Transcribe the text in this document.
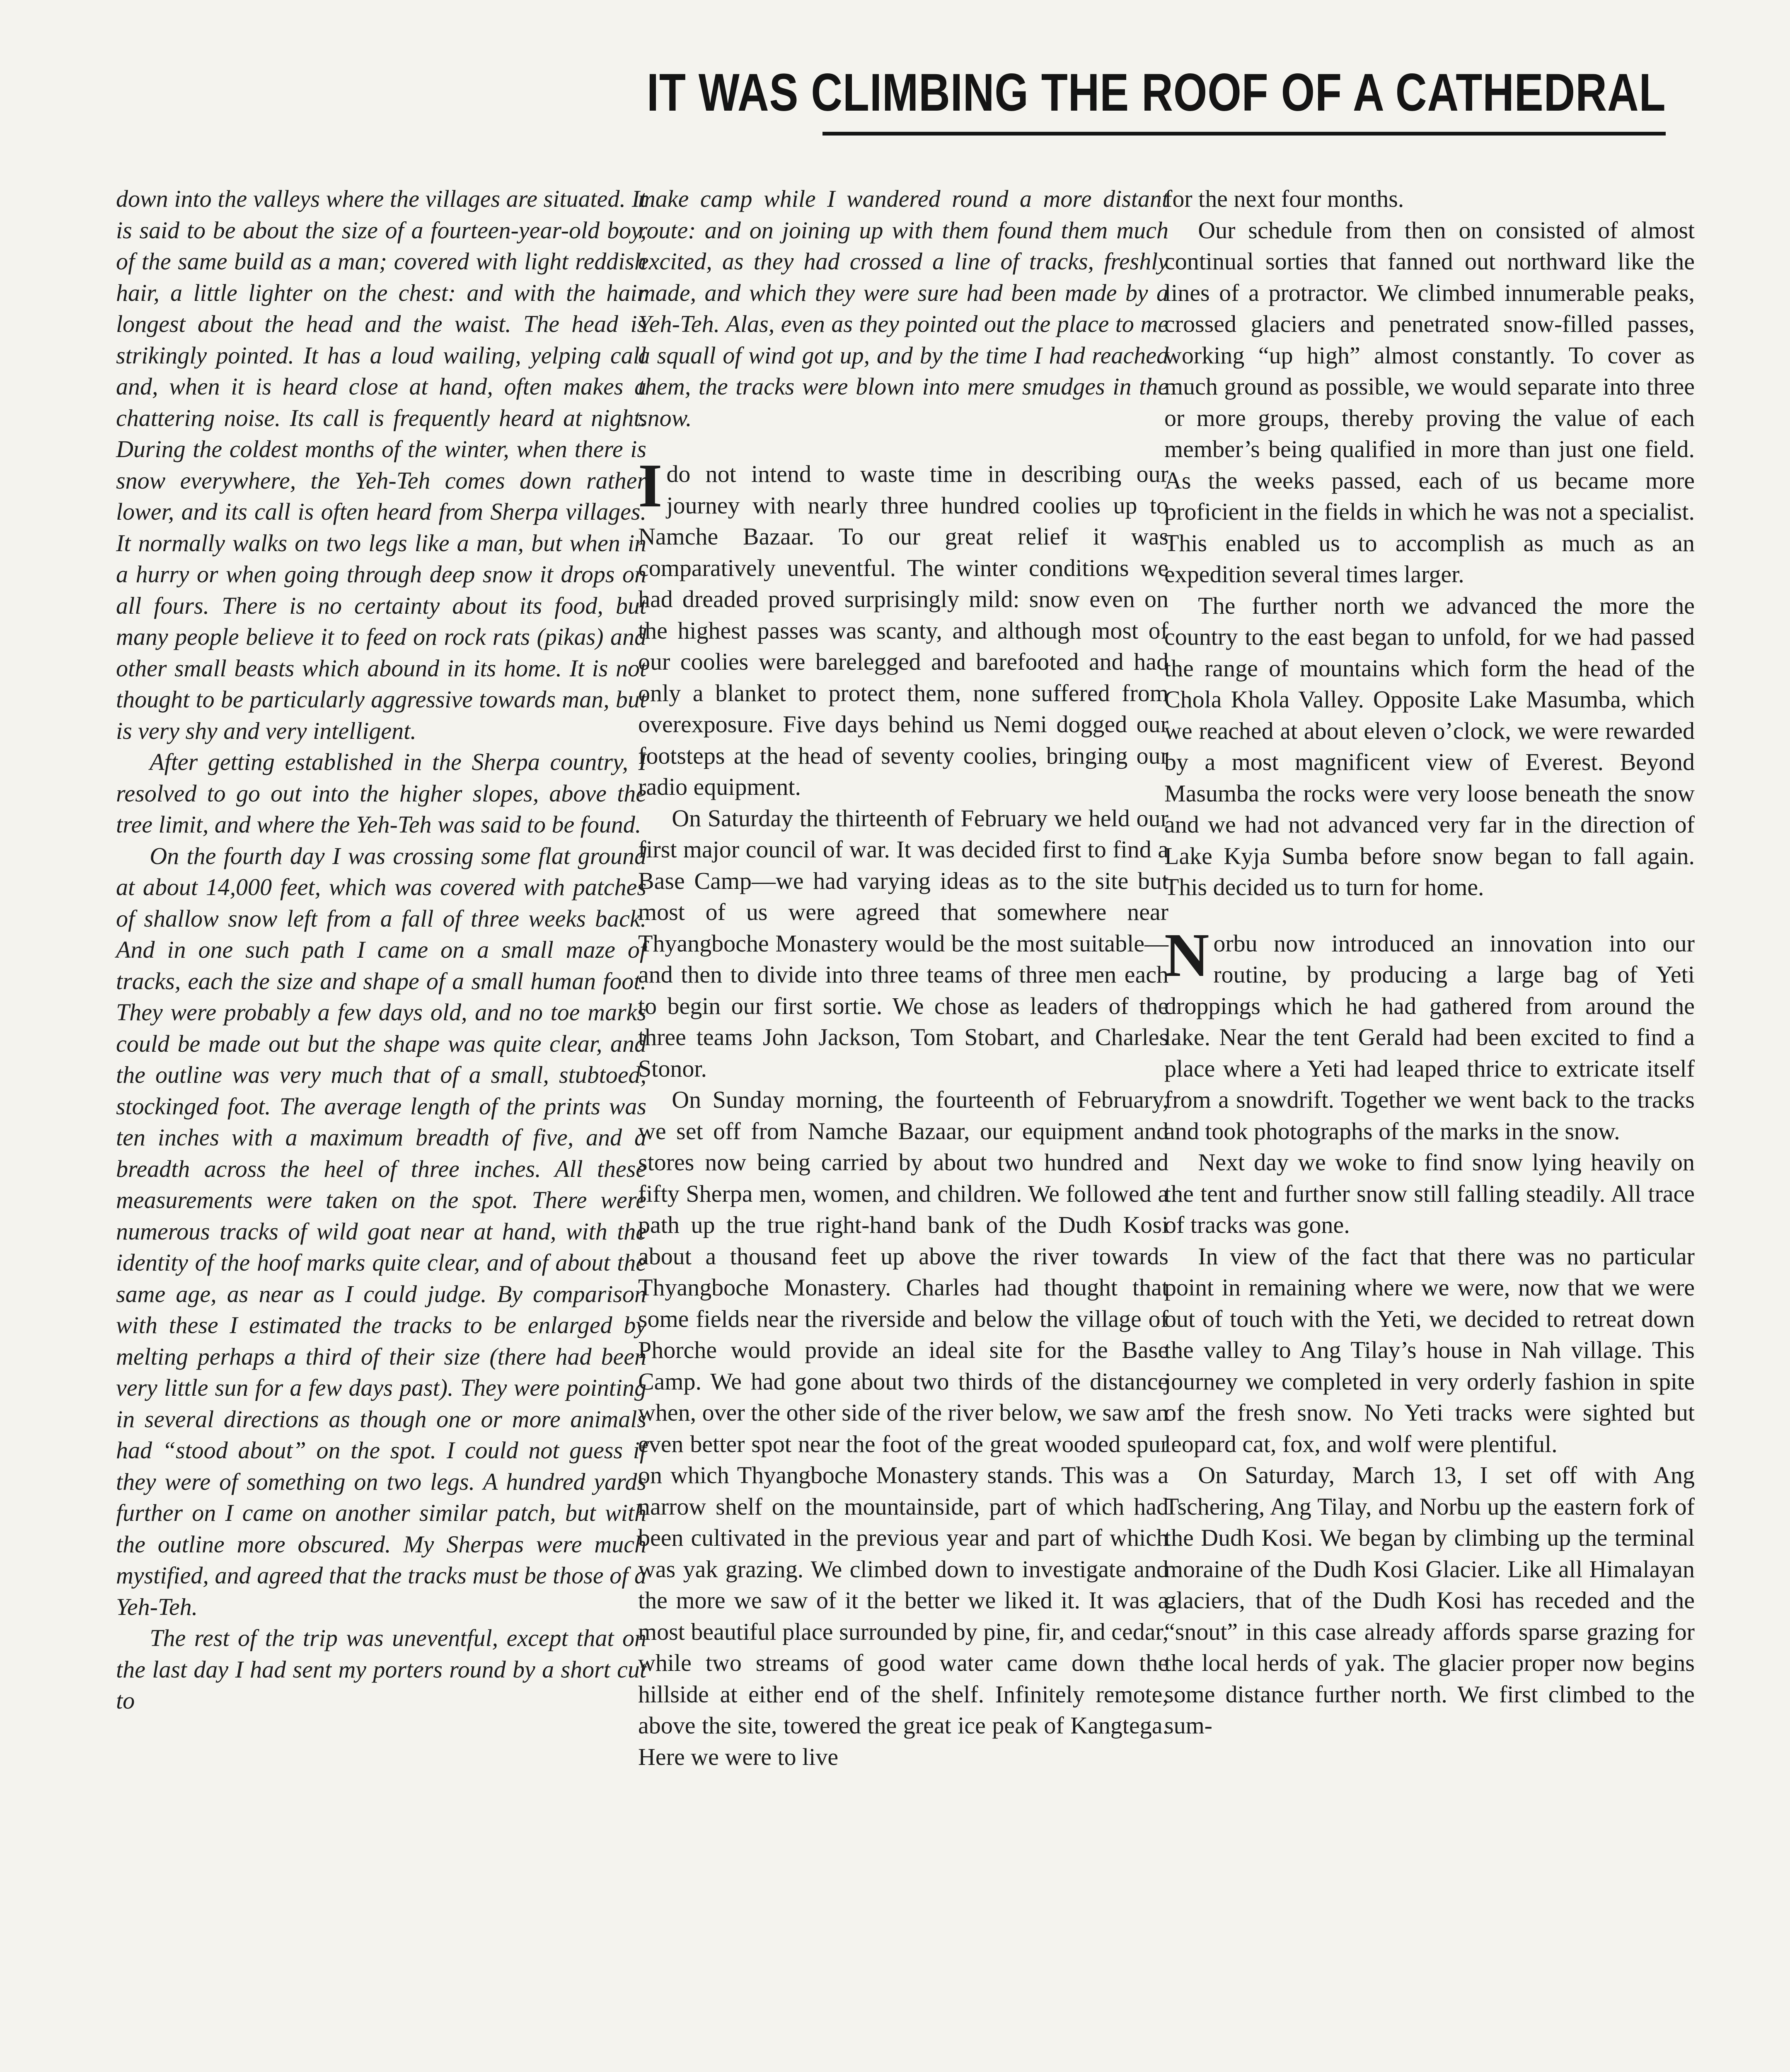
IT WAS CLIMBING THE ROOF OF A CATHEDRAL

down into the valleys where the villages are situated. It is said to be about the size of a fourteen-year-old boy, of the same build as a man; covered with light reddish hair, a little lighter on the chest: and with the hair longest about the head and the waist. The head is strikingly pointed. It has a loud wailing, yelping call and, when it is heard close at hand, often makes a chattering noise. Its call is frequently heard at night. During the coldest months of the winter, when there is snow everywhere, the Yeh-Teh comes down rather lower, and its call is often heard from Sherpa villages. It normally walks on two legs like a man, but when in a hurry or when going through deep snow it drops on all fours. There is no certainty about its food, but many people believe it to feed on rock rats (pikas) and other small beasts which abound in its home. It is not thought to be particularly aggressive towards man, but is very shy and very intelligent.

After getting established in the Sherpa country, I resolved to go out into the higher slopes, above the tree limit, and where the Yeh-Teh was said to be found.

On the fourth day I was crossing some flat ground at about 14,000 feet, which was covered with patches of shallow snow left from a fall of three weeks back. And in one such path I came on a small maze of tracks, each the size and shape of a small human foot. They were probably a few days old, and no toe marks could be made out but the shape was quite clear, and the outline was very much that of a small, stubtoed, stockinged foot. The average length of the prints was ten inches with a maximum breadth of five, and a breadth across the heel of three inches. All these measurements were taken on the spot. There were numerous tracks of wild goat near at hand, with the identity of the hoof marks quite clear, and of about the same age, as near as I could judge. By comparison with these I estimated the tracks to be enlarged by melting perhaps a third of their size (there had been very little sun for a few days past). They were pointing in several directions as though one or more animals had “stood about” on the spot. I could not guess if they were of something on two legs. A hundred yards further on I came on another similar patch, but with the outline more obscured. My Sherpas were much mystified, and agreed that the tracks must be those of a Yeh-Teh.

The rest of the trip was uneventful, except that on the last day I had sent my porters round by a short cut to

make camp while I wandered round a more distant route: and on joining up with them found them much excited, as they had crossed a line of tracks, freshly made, and which they were sure had been made by a Yeh-Teh. Alas, even as they pointed out the place to me a squall of wind got up, and by the time I had reached them, the tracks were blown into mere smudges in the snow.

I do not intend to waste time in describing our journey with nearly three hundred coolies up to Namche Bazaar. To our great relief it was comparatively uneventful. The winter conditions we had dreaded proved surprisingly mild: snow even on the highest passes was scanty, and although most of our coolies were barelegged and barefooted and had only a blanket to protect them, none suffered from overexposure. Five days behind us Nemi dogged our footsteps at the head of seventy coolies, bringing our radio equipment.

On Saturday the thirteenth of February we held our first major council of war. It was decided first to find a Base Camp—we had varying ideas as to the site but most of us were agreed that somewhere near Thyangboche Monastery would be the most suitable—and then to divide into three teams of three men each to begin our first sortie. We chose as leaders of the three teams John Jackson, Tom Stobart, and Charles Stonor.

On Sunday morning, the fourteenth of February, we set off from Namche Bazaar, our equipment and stores now being carried by about two hundred and fifty Sherpa men, women, and children. We followed a path up the true right-hand bank of the Dudh Kosi about a thousand feet up above the river towards Thyangboche Monastery. Charles had thought that some fields near the riverside and below the village of Phorche would provide an ideal site for the Base Camp. We had gone about two thirds of the distance when, over the other side of the river below, we saw an even better spot near the foot of the great wooded spur on which Thyangboche Monastery stands. This was a narrow shelf on the mountainside, part of which had been cultivated in the previous year and part of which was yak grazing. We climbed down to investigate and the more we saw of it the better we liked it. It was a most beautiful place surrounded by pine, fir, and cedar, while two streams of good water came down the hillside at either end of the shelf. Infinitely remote, above the site, towered the great ice peak of Kangtega. Here we were to live

for the next four months.

Our schedule from then on consisted of almost continual sorties that fanned out northward like the lines of a protractor. We climbed innumerable peaks, crossed glaciers and penetrated snow-filled passes, working “up high” almost constantly. To cover as much ground as possible, we would separate into three or more groups, thereby proving the value of each member’s being qualified in more than just one field. As the weeks passed, each of us became more proficient in the fields in which he was not a specialist. This enabled us to accomplish as much as an expedition several times larger.

The further north we advanced the more the country to the east began to unfold, for we had passed the range of mountains which form the head of the Chola Khola Valley. Opposite Lake Masumba, which we reached at about eleven o’clock, we were rewarded by a most magnificent view of Everest. Beyond Masumba the rocks were very loose beneath the snow and we had not advanced very far in the direction of Lake Kyja Sumba before snow began to fall again. This decided us to turn for home.

Norbu now introduced an innovation into our routine, by producing a large bag of Yeti droppings which he had gathered from around the lake. Near the tent Gerald had been excited to find a place where a Yeti had leaped thrice to extricate itself from a snowdrift. Together we went back to the tracks and took photographs of the marks in the snow.

Next day we woke to find snow lying heavily on the tent and further snow still falling steadily. All trace of tracks was gone.

In view of the fact that there was no particular point in remaining where we were, now that we were out of touch with the Yeti, we decided to retreat down the valley to Ang Tilay’s house in Nah village. This journey we completed in very orderly fashion in spite of the fresh snow. No Yeti tracks were sighted but leopard cat, fox, and wolf were plentiful.

On Saturday, March 13, I set off with Ang Tschering, Ang Tilay, and Norbu up the eastern fork of the Dudh Kosi. We began by climbing up the terminal moraine of the Dudh Kosi Glacier. Like all Himalayan glaciers, that of the Dudh Kosi has receded and the “snout” in this case already affords sparse grazing for the local herds of yak. The glacier proper now begins some distance further north. We first climbed to the sum-
